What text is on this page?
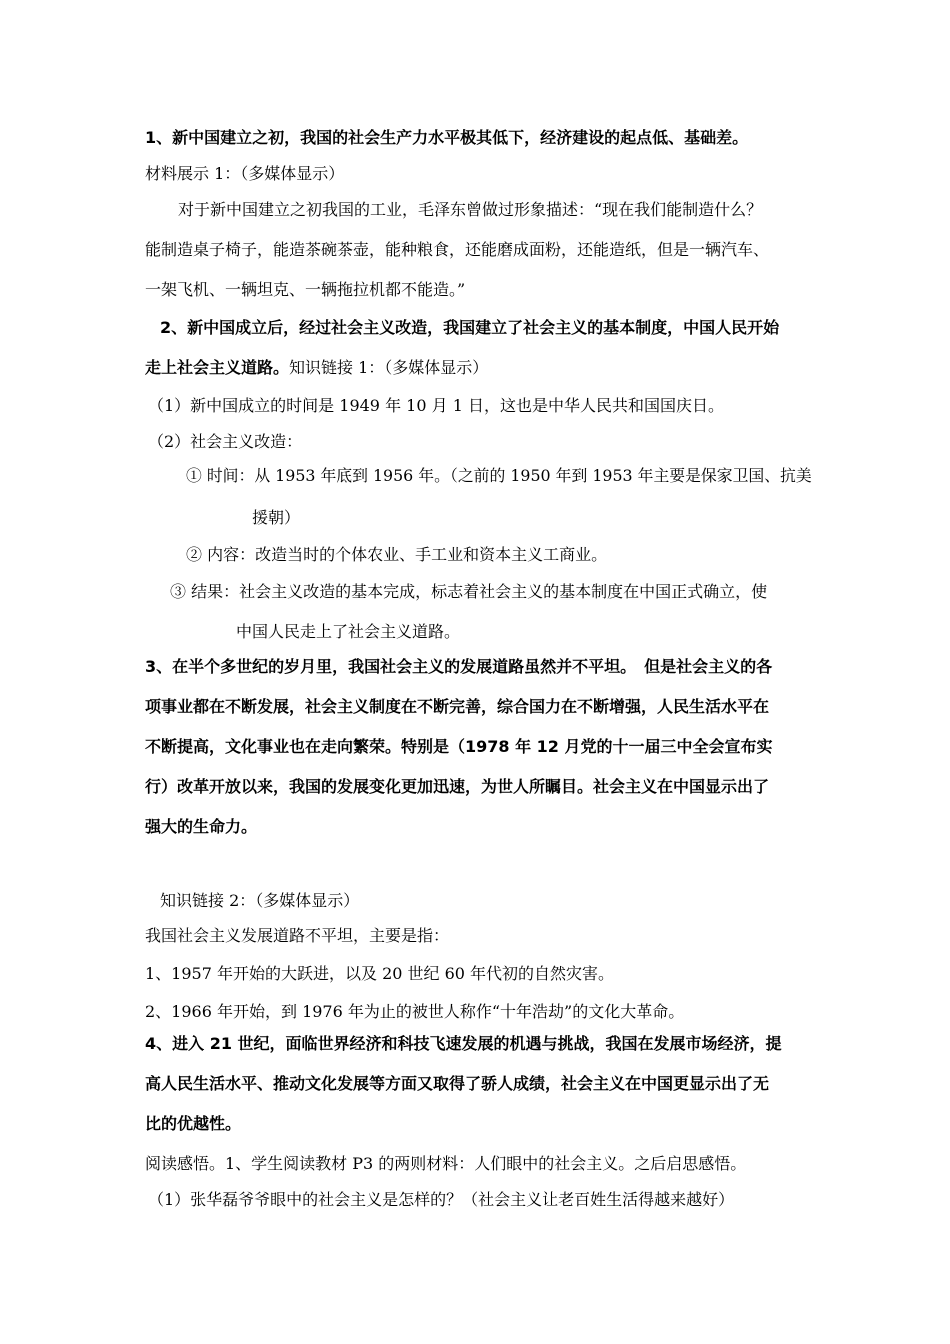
1、新中国建立之初，我国的社会生产力水平极其低下，经济建设的起点低、基础差。
材料展示 1：（多媒体显示）
对于新中国建立之初我国的工业，毛泽东曾做过形象描述：“现在我们能制造什么？
能制造桌子椅子，能造茶碗茶壶，能种粮食，还能磨成面粉，还能造纸，但是一辆汽车、
一架飞机、一辆坦克、一辆拖拉机都不能造。”
2、新中国成立后，经过社会主义改造，我国建立了社会主义的基本制度，中国人民开始
走上社会主义道路。知识链接 1：（多媒体显示）
（1）新中国成立的时间是 1949 年 10 月 1 日，这也是中华人民共和国国庆日。
（2）社会主义改造：
① 时间：从 1953 年底到 1956 年。（之前的 1950 年到 1953 年主要是保家卫国、抗美
援朝）
② 内容：改造当时的个体农业、手工业和资本主义工商业。
③ 结果：社会主义改造的基本完成，标志着社会主义的基本制度在中国正式确立，使
中国人民走上了社会主义道路。
3、在半个多世纪的岁月里，我国社会主义的发展道路虽然并不平坦。　但是社会主义的各
项事业都在不断发展，社会主义制度在不断完善，综合国力在不断增强，人民生活水平在
不断提高，文化事业也在走向繁荣。特别是（1978 年 12 月党的十一届三中全会宣布实
行）改革开放以来，我国的发展变化更加迅速，为世人所瞩目。社会主义在中国显示出了
强大的生命力。
知识链接 2：（多媒体显示）
我国社会主义发展道路不平坦，主要是指：
1、1957 年开始的大跃进，以及 20 世纪 60 年代初的自然灾害。
2、1966 年开始，到 1976 年为止的被世人称作“十年浩劫”的文化大革命。
4、进入 21 世纪，面临世界经济和科技飞速发展的机遇与挑战，我国在发展市场经济，提
高人民生活水平、推动文化发展等方面又取得了骄人成绩，社会主义在中国更显示出了无
比的优越性。
阅读感悟。1、学生阅读教材 P3 的两则材料：人们眼中的社会主义。之后启思感悟。
（1）张华磊爷爷眼中的社会主义是怎样的？（社会主义让老百姓生活得越来越好）
